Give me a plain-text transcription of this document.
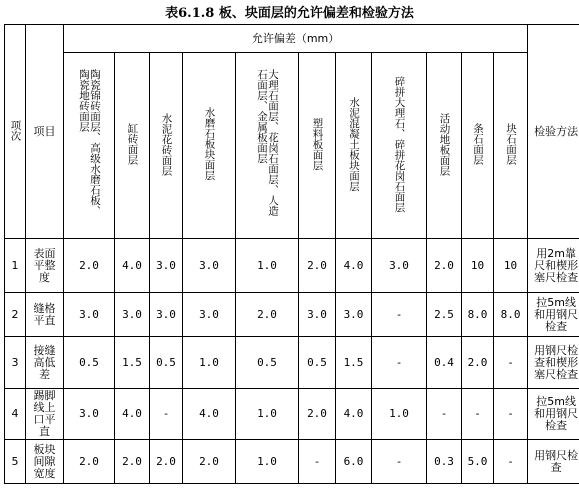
表6.1.8 板、块面层的允许偏差和检验方法
项次	项目	允许偏差（mm）											检验方法
		陶瓷锦砖面层、高级水磨石板、陶瓷地砖面层	缸砖面层	水泥花砖面层	水磨石板块面层	大理石面层、花岗石面层、人造石面层、金属板面层	塑料板面层	水泥混凝土板块面层	碎拼大理石、碎拼花岗石面层	活动地板面层	条石面层	块石面层	
1	表面平整度	2.0	4.0	3.0	3.0	1.0	2.0	4.0	3.0	2.0	10	10	用2m靠尺和楔形塞尺检查
2	缝格平直	3.0	3.0	3.0	3.0	2.0	3.0	3.0	-	2.5	8.0	8.0	拉5m线和用钢尺检查
3	接缝高低差	0.5	1.5	0.5	1.0	0.5	0.5	1.5	-	0.4	2.0	-	用钢尺检查和楔形塞尺检查
4	踢脚线上口平直	3.0	4.0	-	4.0	1.0	2.0	4.0	1.0	-	-	-	拉5m线和用钢尺检查
5	板块间隙宽度	2.0	2.0	2.0	2.0	1.0	-	6.0	-	0.3	5.0	-	用钢尺检查
